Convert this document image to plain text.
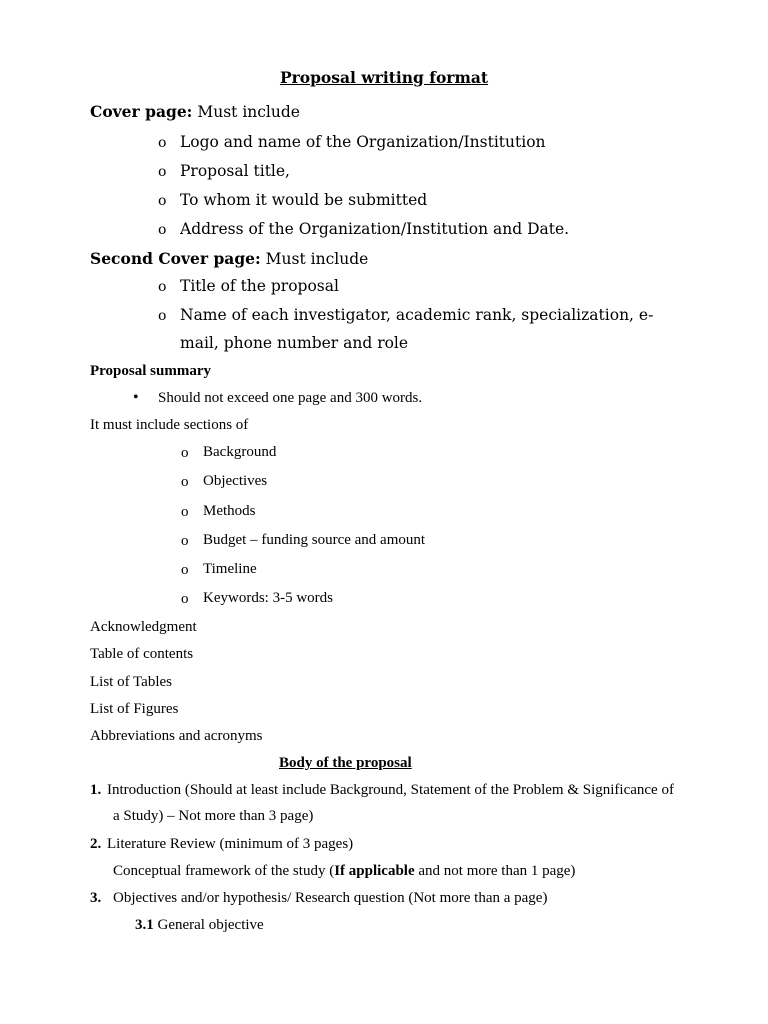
Proposal writing format
Cover page: Must include
o Logo and name of the Organization/Institution
o Proposal title,
o To whom it would be submitted
o Address of the Organization/Institution and Date.
Second Cover page: Must include
o Title of the proposal
o Name of each investigator, academic rank, specialization, e-
mail, phone number and role
Proposal summary
• Should not exceed one page and 300 words.
It must include sections of
o Background
o Objectives
o Methods
o Budget – funding source and amount
o Timeline
o Keywords: 3-5 words
Acknowledgment
Table of contents
List of Tables
List of Figures
Abbreviations and acronyms
Body of the proposal
1. Introduction (Should at least include Background, Statement of the Problem & Significance of
a Study) – Not more than 3 page)
2. Literature Review (minimum of 3 pages)
Conceptual framework of the study (If applicable and not more than 1 page)
3. Objectives and/or hypothesis/ Research question (Not more than a page)
3.1 General objective
